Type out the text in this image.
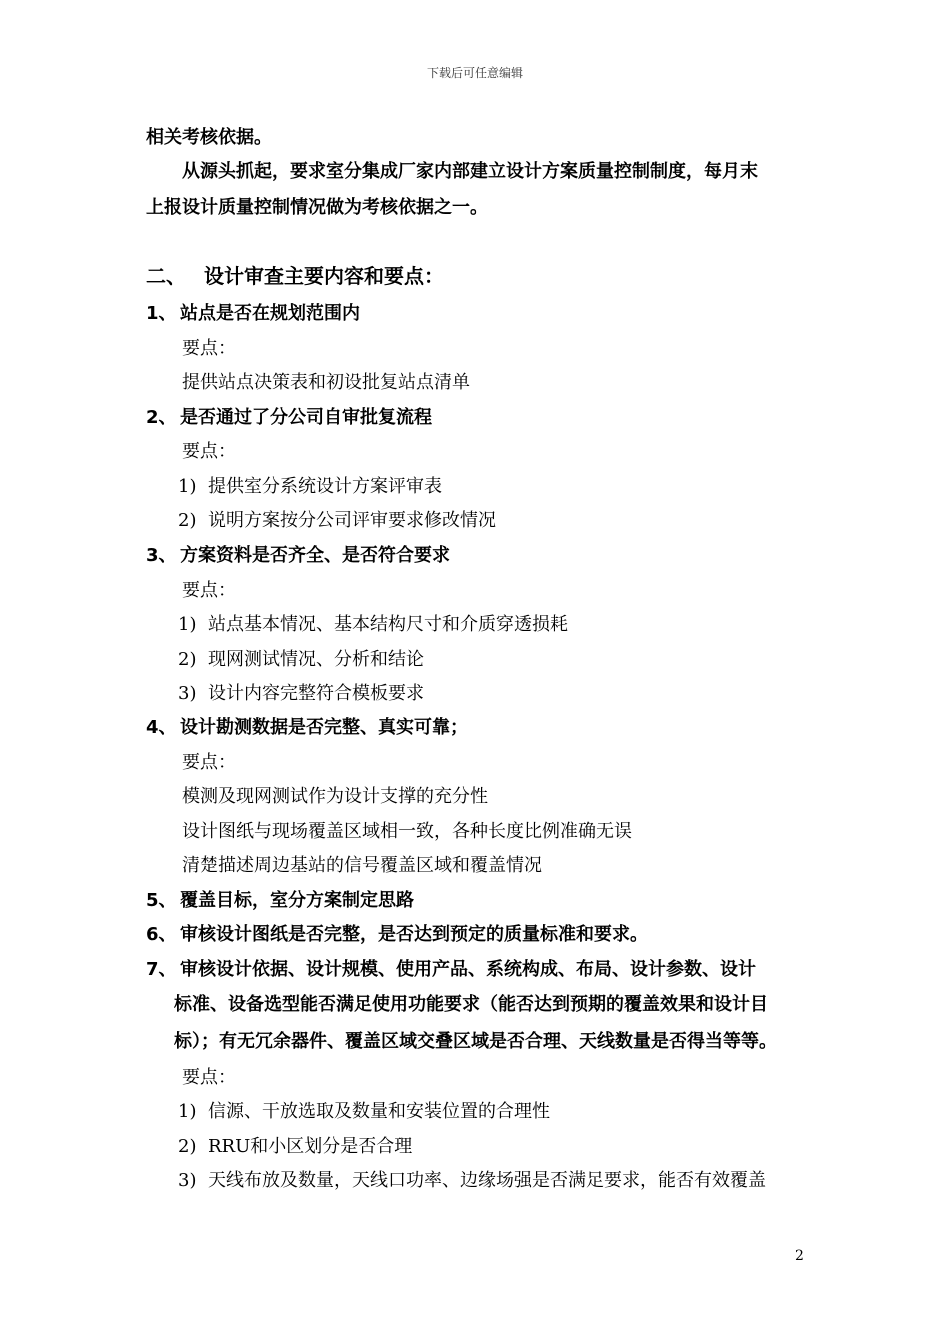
下载后可任意编辑
相关考核依据。
从源头抓起，要求室分集成厂家内部建立设计方案质量控制制度，每月末
上报设计质量控制情况做为考核依据之一。
二、 设计审查主要内容和要点：
1、 站点是否在规划范围内
要点：
提供站点决策表和初设批复站点清单
2、 是否通过了分公司自审批复流程
要点：
1) 提供室分系统设计方案评审表
2) 说明方案按分公司评审要求修改情况
3、 方案资料是否齐全、是否符合要求
要点：
1) 站点基本情况、基本结构尺寸和介质穿透损耗
2) 现网测试情况、分析和结论
3) 设计内容完整符合模板要求
4、 设计勘测数据是否完整、真实可靠；
要点：
模测及现网测试作为设计支撑的充分性
设计图纸与现场覆盖区域相一致，各种长度比例准确无误
清楚描述周边基站的信号覆盖区域和覆盖情况
5、 覆盖目标，室分方案制定思路
6、 审核设计图纸是否完整，是否达到预定的质量标准和要求。
7、 审核设计依据、设计规模、使用产品、系统构成、布局、设计参数、设计
标准、设备选型能否满足使用功能要求（能否达到预期的覆盖效果和设计目
标）；有无冗余器件、覆盖区域交叠区域是否合理、天线数量是否得当等等。
要点：
1) 信源、干放选取及数量和安装位置的合理性
2) RRU和小区划分是否合理
3) 天线布放及数量，天线口功率、边缘场强是否满足要求，能否有效覆盖
2
